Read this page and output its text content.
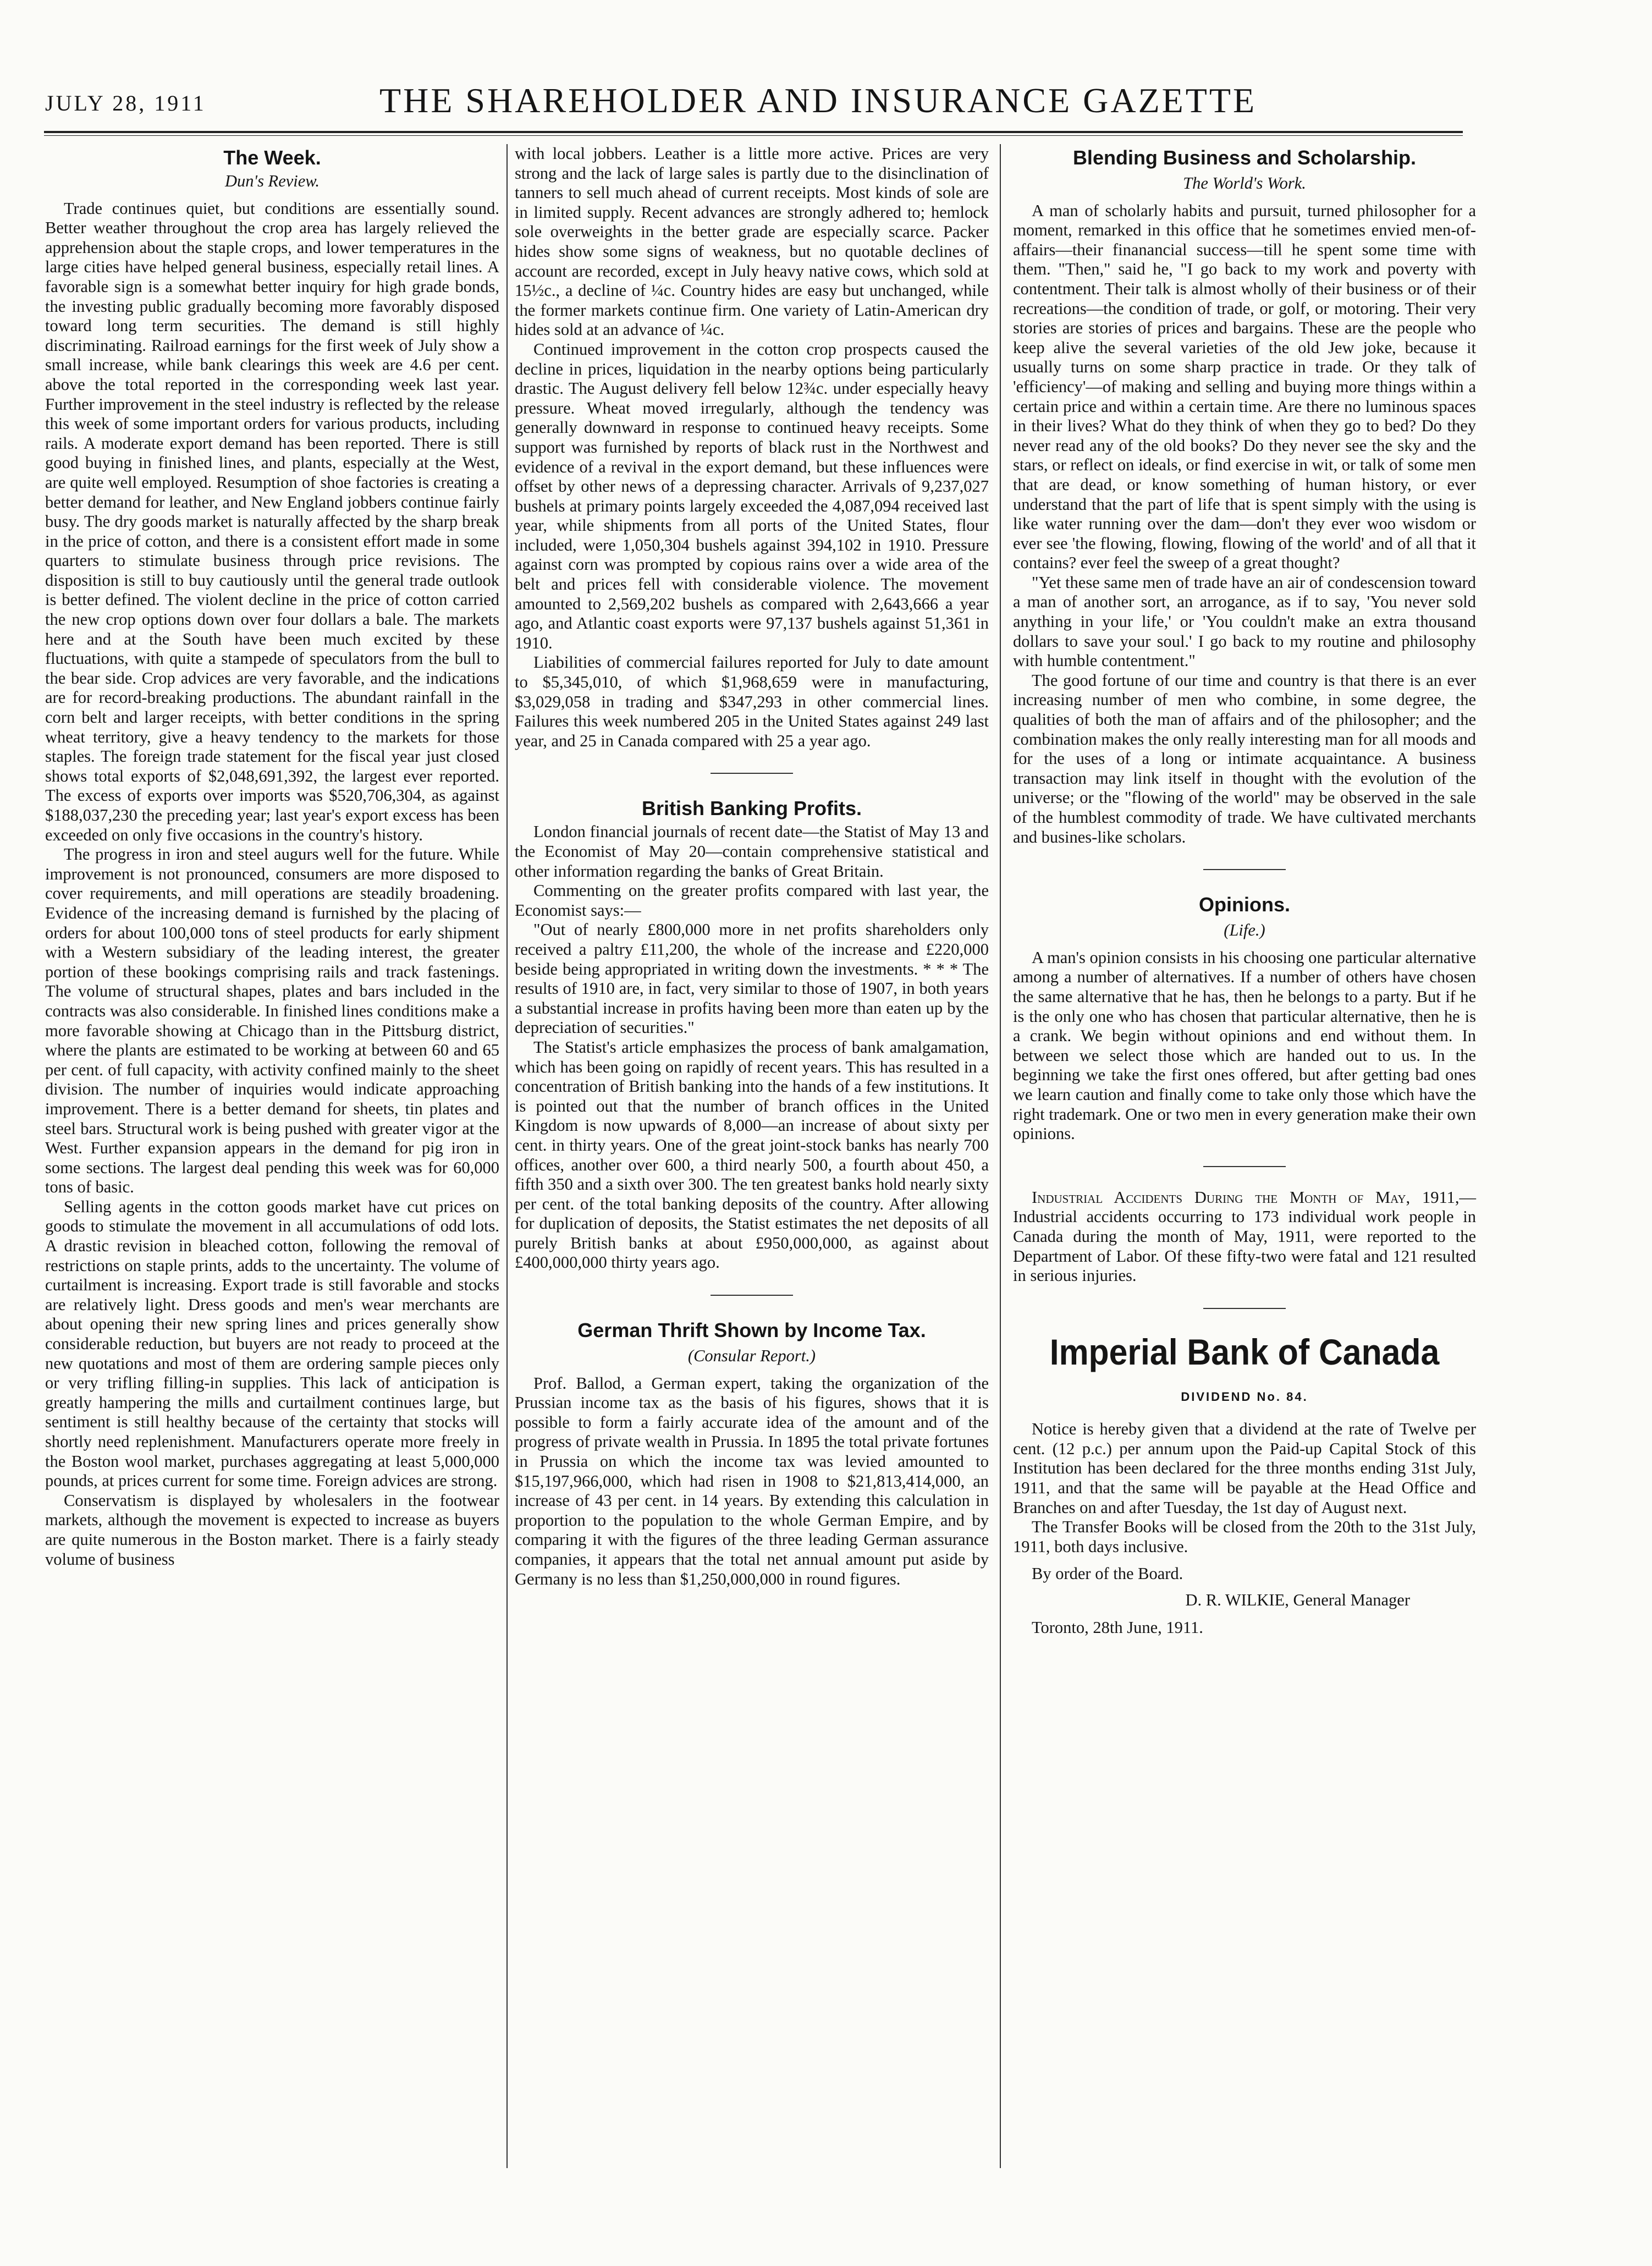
JULY 28, 1911	THE SHAREHOLDER AND INSURANCE GAZETTE
The Week.
Dun's Review.

Trade continues quiet, but conditions are essentially sound. Better weather throughout the crop area has largely relieved the apprehension about the staple crops, and lower temperatures in the large cities have helped general business, especially retail lines. A favorable sign is a somewhat better inquiry for high grade bonds, the investing public gradually becoming more favorably disposed toward long term securities. The demand is still highly discriminating. Railroad earnings for the first week of July show a small increase, while bank clearings this week are 4.6 per cent. above the total reported in the corresponding week last year. Further improvement in the steel industry is reflected by the release this week of some important orders for various products, including rails. A moderate export demand has been reported. There is still good buying in finished lines, and plants, especially at the West, are quite well employed. Resumption of shoe factories is creating a better demand for leather, and New England jobbers continue fairly busy. The dry goods market is naturally affected by the sharp break in the price of cotton, and there is a consistent effort made in some quarters to stimulate business through price revisions. The disposition is still to buy cautiously until the general trade outlook is better defined. The violent decline in the price of cotton carried the new crop options down over four dollars a bale. The markets here and at the South have been much excited by these fluctuations, with quite a stampede of speculators from the bull to the bear side. Crop advices are very favorable, and the indications are for record-breaking productions. The abundant rainfall in the corn belt and larger receipts, with better conditions in the spring wheat territory, give a heavy tendency to the markets for those staples. The foreign trade statement for the fiscal year just closed shows total exports of $2,048,691,392, the largest ever reported. The excess of exports over imports was $520,706,304, as against $188,037,230 the preceding year; last year's export excess has been exceeded on only five occasions in the country's history.

The progress in iron and steel augurs well for the future. While improvement is not pronounced, consumers are more disposed to cover requirements, and mill operations are steadily broadening. Evidence of the increasing demand is furnished by the placing of orders for about 100,000 tons of steel products for early shipment with a Western subsidiary of the leading interest, the greater portion of these bookings comprising rails and track fastenings. The volume of structural shapes, plates and bars included in the contracts was also considerable. In finished lines conditions make a more favorable showing at Chicago than in the Pittsburg district, where the plants are estimated to be working at between 60 and 65 per cent. of full capacity, with activity confined mainly to the sheet division. The number of inquiries would indicate approaching improvement. There is a better demand for sheets, tin plates and steel bars. Structural work is being pushed with greater vigor at the West. Further expansion appears in the demand for pig iron in some sections. The largest deal pending this week was for 60,000 tons of basic.

Selling agents in the cotton goods market have cut prices on goods to stimulate the movement in all accumulations of odd lots. A drastic revision in bleached cotton, following the removal of restrictions on staple prints, adds to the uncertainty. The volume of curtailment is increasing. Export trade is still favorable and stocks are relatively light. Dress goods and men's wear merchants are about opening their new spring lines and prices generally show considerable reduction, but buyers are not ready to proceed at the new quotations and most of them are ordering sample pieces only or very trifling filling-in supplies. This lack of anticipation is greatly hampering the mills and curtailment continues large, but sentiment is still healthy because of the certainty that stocks will shortly need replenishment. Manufacturers operate more freely in the Boston wool market, purchases aggregating at least 5,000,000 pounds, at prices current for some time. Foreign advices are strong.

Conservatism is displayed by wholesalers in the footwear markets, although the movement is expected to increase as buyers are quite numerous in the Boston market. There is a fairly steady volume of business

with local jobbers. Leather is a little more active. Prices are very strong and the lack of large sales is partly due to the disinclination of tanners to sell much ahead of current receipts. Most kinds of sole are in limited supply. Recent advances are strongly adhered to; hemlock sole overweights in the better grade are especially scarce. Packer hides show some signs of weakness, but no quotable declines of account are recorded, except in July heavy native cows, which sold at 15½c., a decline of ¼c. Country hides are easy but unchanged, while the former markets continue firm. One variety of Latin-American dry hides sold at an advance of ¼c.

Continued improvement in the cotton crop prospects caused the decline in prices, liquidation in the nearby options being particularly drastic. The August delivery fell below 12¾c. under especially heavy pressure. Wheat moved irregularly, although the tendency was generally downward in response to continued heavy receipts. Some support was furnished by reports of black rust in the Northwest and evidence of a revival in the export demand, but these influences were offset by other news of a depressing character. Arrivals of 9,237,027 bushels at primary points largely exceeded the 4,087,094 received last year, while shipments from all ports of the United States, flour included, were 1,050,304 bushels against 394,102 in 1910. Pressure against corn was prompted by copious rains over a wide area of the belt and prices fell with considerable violence. The movement amounted to 2,569,202 bushels as compared with 2,643,666 a year ago, and Atlantic coast exports were 97,137 bushels against 51,361 in 1910.

Liabilities of commercial failures reported for July to date amount to $5,345,010, of which $1,968,659 were in manufacturing, $3,029,058 in trading and $347,293 in other commercial lines. Failures this week numbered 205 in the United States against 249 last year, and 25 in Canada compared with 25 a year ago.

British Banking Profits.

London financial journals of recent date—the Statist of May 13 and the Economist of May 20—contain comprehensive statistical and other information regarding the banks of Great Britain.

Commenting on the greater profits compared with last year, the Economist says:—

"Out of nearly £800,000 more in net profits shareholders only received a paltry £11,200, the whole of the increase and £220,000 beside being appropriated in writing down the investments. * * * The results of 1910 are, in fact, very similar to those of 1907, in both years a substantial increase in profits having been more than eaten up by the depreciation of securities."

The Statist's article emphasizes the process of bank amalgamation, which has been going on rapidly of recent years. This has resulted in a concentration of British banking into the hands of a few institutions. It is pointed out that the number of branch offices in the United Kingdom is now upwards of 8,000—an increase of about sixty per cent. in thirty years. One of the great joint-stock banks has nearly 700 offices, another over 600, a third nearly 500, a fourth about 450, a fifth 350 and a sixth over 300. The ten greatest banks hold nearly sixty per cent. of the total banking deposits of the country. After allowing for duplication of deposits, the Statist estimates the net deposits of all purely British banks at about £950,000,000, as against about £400,000,000 thirty years ago.

German Thrift Shown by Income Tax.
(Consular Report.)

Prof. Ballod, a German expert, taking the organization of the Prussian income tax as the basis of his figures, shows that it is possible to form a fairly accurate idea of the amount and of the progress of private wealth in Prussia. In 1895 the total private fortunes in Prussia on which the income tax was levied amounted to $15,197,966,000, which had risen in 1908 to $21,813,414,000, an increase of 43 per cent. in 14 years. By extending this calculation in proportion to the population to the whole German Empire, and by comparing it with the figures of the three leading German assurance companies, it appears that the total net annual amount put aside by Germany is no less than $1,250,000,000 in round figures.

Blending Business and Scholarship.
The World's Work.

A man of scholarly habits and pursuit, turned philosopher for a moment, remarked in this office that he sometimes envied men-of-affairs—their finanancial success—till he spent some time with them. "Then," said he, "I go back to my work and poverty with contentment. Their talk is almost wholly of their business or of their recreations—the condition of trade, or golf, or motoring. Their very stories are stories of prices and bargains. These are the people who keep alive the several varieties of the old Jew joke, because it usually turns on some sharp practice in trade. Or they talk of 'efficiency'—of making and selling and buying more things within a certain price and within a certain time. Are there no luminous spaces in their lives? What do they think of when they go to bed? Do they never read any of the old books? Do they never see the sky and the stars, or reflect on ideals, or find exercise in wit, or talk of some men that are dead, or know something of human history, or ever understand that the part of life that is spent simply with the using is like water running over the dam—don't they ever woo wisdom or ever see 'the flowing, flowing, flowing of the world' and of all that it contains? ever feel the sweep of a great thought?

"Yet these same men of trade have an air of condescension toward a man of another sort, an arrogance, as if to say, 'You never sold anything in your life,' or 'You couldn't make an extra thousand dollars to save your soul.' I go back to my routine and philosophy with humble contentment."

The good fortune of our time and country is that there is an ever increasing number of men who combine, in some degree, the qualities of both the man of affairs and of the philosopher; and the combination makes the only really interesting man for all moods and for the uses of a long or intimate acquaintance. A business transaction may link itself in thought with the evolution of the universe; or the "flowing of the world" may be observed in the sale of the humblest commodity of trade. We have cultivated merchants and busines-like scholars.

Opinions.
(Life.)

A man's opinion consists in his choosing one particular alternative among a number of alternatives. If a number of others have chosen the same alternative that he has, then he belongs to a party. But if he is the only one who has chosen that particular alternative, then he is a crank. We begin without opinions and end without them. In between we select those which are handed out to us. In the beginning we take the first ones offered, but after getting bad ones we learn caution and finally come to take only those which have the right trademark. One or two men in every generation make their own opinions.

Industrial Accidents During the Month of May, 1911,—Industrial accidents occurring to 173 individual work people in Canada during the month of May, 1911, were reported to the Department of Labor. Of these fifty-two were fatal and 121 resulted in serious injuries.

Imperial Bank of Canada
DIVIDEND No. 84.

Notice is hereby given that a dividend at the rate of Twelve per cent. (12 p.c.) per annum upon the Paid-up Capital Stock of this Institution has been declared for the three months ending 31st July, 1911, and that the same will be payable at the Head Office and Branches on and after Tuesday, the 1st day of August next.

The Transfer Books will be closed from the 20th to the 31st July, 1911, both days inclusive.

By order of the Board.

D. R. WILKIE, General Manager

Toronto, 28th June, 1911.
